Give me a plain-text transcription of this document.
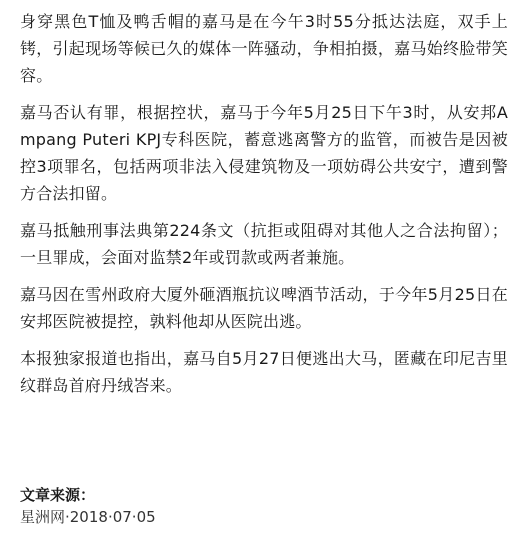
身穿黑色T恤及鸭舌帽的嘉马是在今午3时55分抵达法庭，双手上铐，引起现场等候已久的媒体一阵骚动，争相拍摄，嘉马始终脸带笑容。

嘉马否认有罪，根据控状，嘉马于今年5月25日下午3时，从安邦Ampang Puteri KPJ专科医院，蓄意逃离警方的监管，而被告是因被控3项罪名，包括两项非法入侵建筑物及一项妨碍公共安宁，遭到警方合法扣留。

嘉马抵触刑事法典第224条文（抗拒或阻碍对其他人之合法拘留）；一旦罪成，会面对监禁2年或罚款或两者兼施。

嘉马因在雪州政府大厦外砸酒瓶抗议啤酒节活动，于今年5月25日在安邦医院被提控，孰料他却从医院出逃。

本报独家报道也指出，嘉马自5月27日便逃出大马，匿藏在印尼吉里纹群岛首府丹绒峇来。

文章来源：
星洲网·2018·07·05
